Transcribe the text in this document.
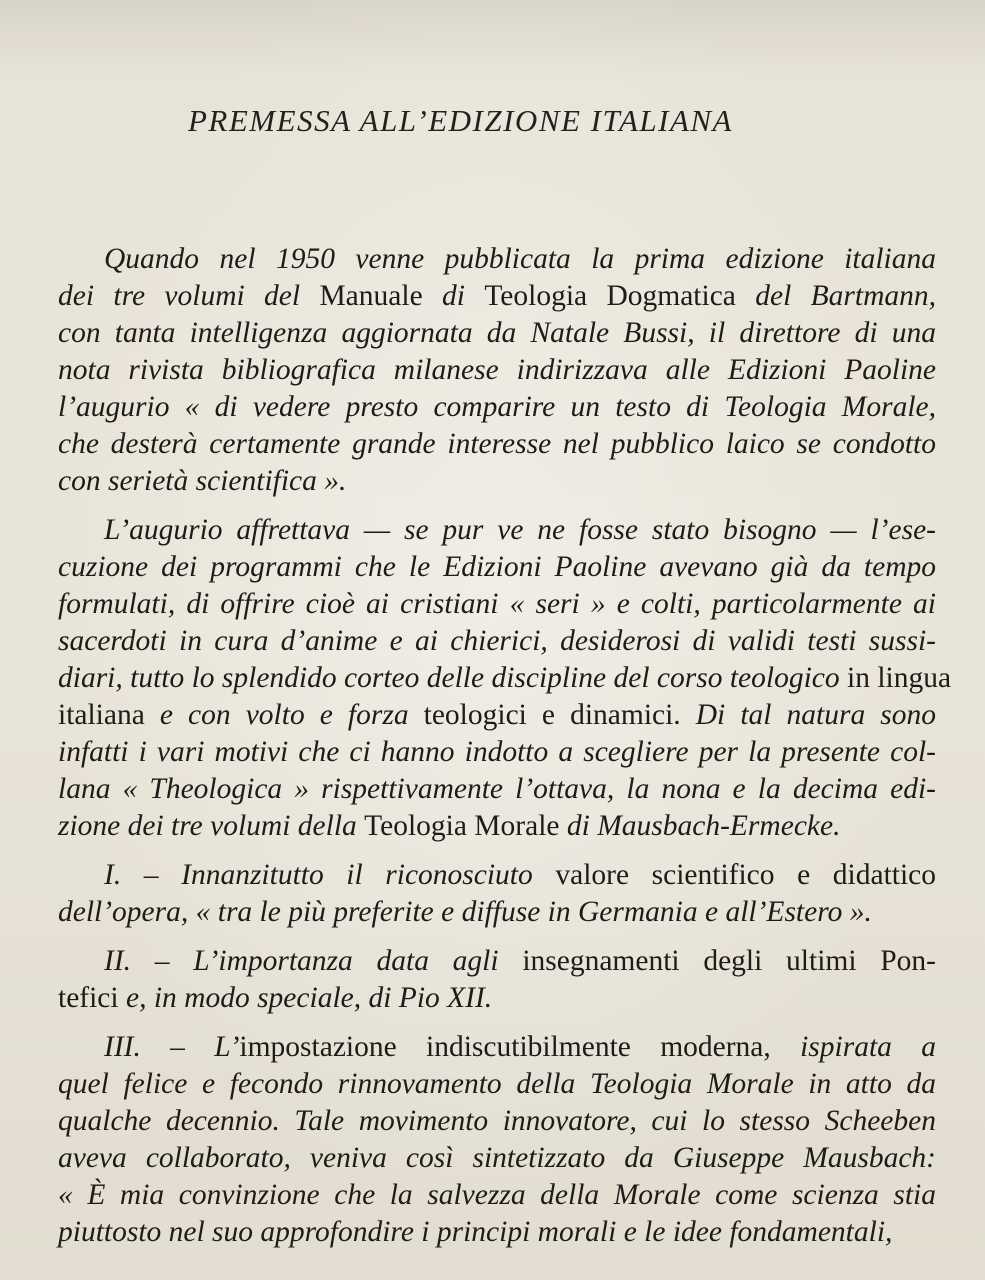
PREMESSA ALL’EDIZIONE ITALIANA

Quando nel 1950 venne pubblicata la prima edizione italiana
dei tre volumi del Manuale di Teologia Dogmatica del Bartmann,
con tanta intelligenza aggiornata da Natale Bussi, il direttore di una
nota rivista bibliografica milanese indirizzava alle Edizioni Paoline
l’augurio « di vedere presto comparire un testo di Teologia Morale,
che desterà certamente grande interesse nel pubblico laico se condotto
con serietà scientifica ».

L’augurio affrettava — se pur ve ne fosse stato bisogno — l’ese-
cuzione dei programmi che le Edizioni Paoline avevano già da tempo
formulati, di offrire cioè ai cristiani « seri » e colti, particolarmente ai
sacerdoti in cura d’anime e ai chierici, desiderosi di validi testi sussi-
diari, tutto lo splendido corteo delle discipline del corso teologico in lingua
italiana e con volto e forza teologici e dinamici. Di tal natura sono
infatti i vari motivi che ci hanno indotto a scegliere per la presente col-
lana « Theologica » rispettivamente l’ottava, la nona e la decima edi-
zione dei tre volumi della Teologia Morale di Mausbach-Ermecke.

I. – Innanzitutto il riconosciuto valore scientifico e didattico
dell’opera, « tra le più preferite e diffuse in Germania e all’Estero ».

II. – L’importanza data agli insegnamenti degli ultimi Pon-
tefici e, in modo speciale, di Pio XII.

III. – L’impostazione indiscutibilmente moderna, ispirata a
quel felice e fecondo rinnovamento della Teologia Morale in atto da
qualche decennio. Tale movimento innovatore, cui lo stesso Scheeben
aveva collaborato, veniva così sintetizzato da Giuseppe Mausbach:
« È mia convinzione che la salvezza della Morale come scienza stia
piuttosto nel suo approfondire i principi morali e le idee fondamentali,
